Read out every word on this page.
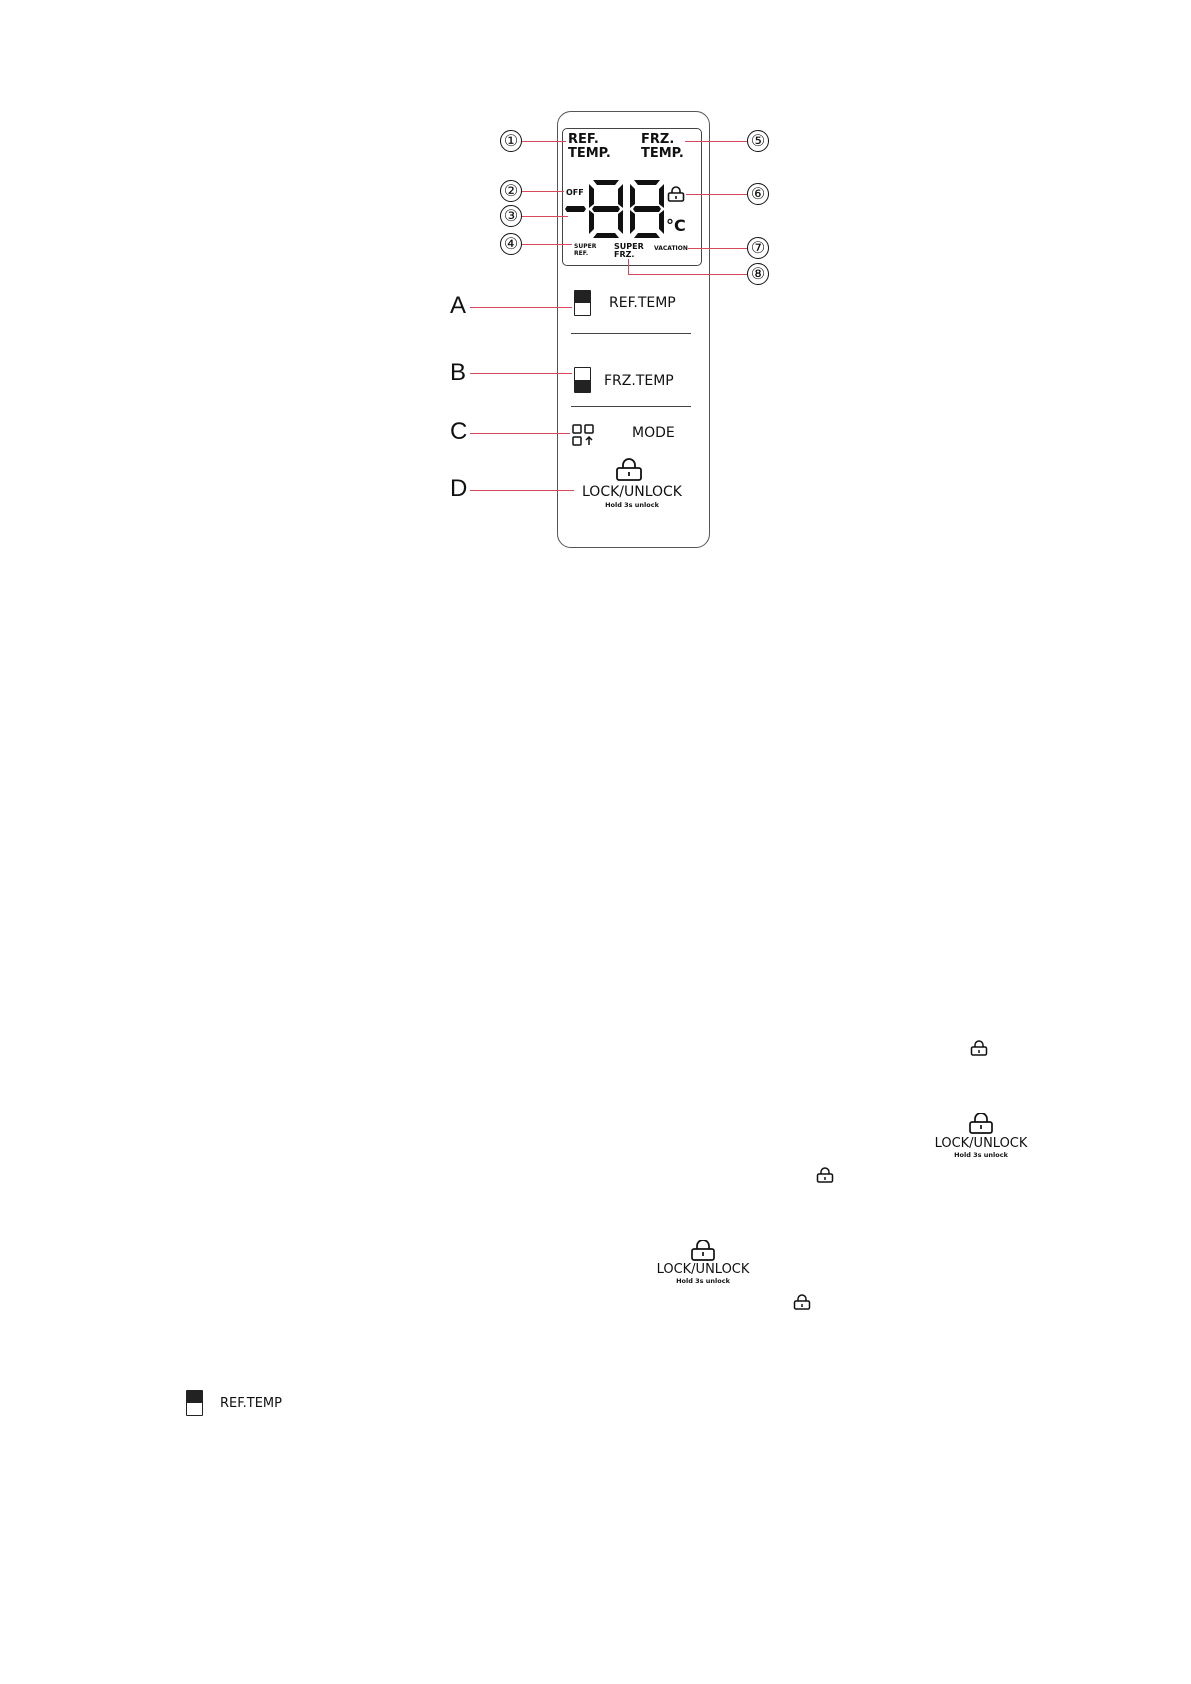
REF.
TEMP.
FRZ.
TEMP.
OFF
°C
SUPER
REF.
SUPER
FRZ.
VACATION
REF.TEMP
FRZ.TEMP
MODE
LOCK/UNLOCK
Hold 3s unlock
①
②
③
④
⑤
⑥
⑦
⑧
A
B
C
D
LOCK/UNLOCK
Hold 3s unlock
LOCK/UNLOCK
Hold 3s unlock
REF.TEMP
